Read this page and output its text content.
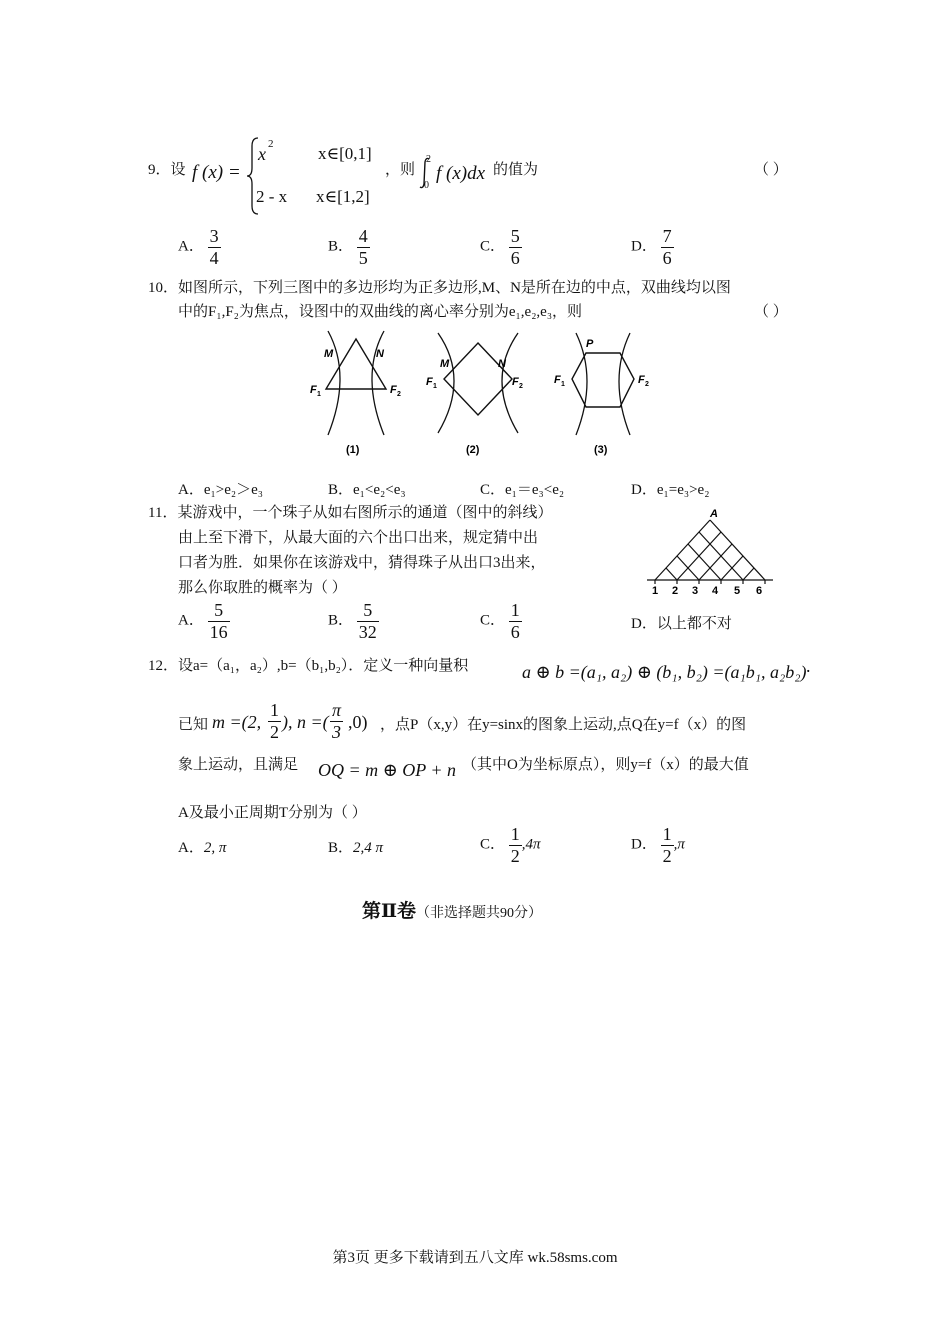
9．设 f (x) =
x 2	x∈[0,1]
2 - x x∈[1,2]
，则
2
0
f (x)dx 的值为	（ ）
A． $\frac{3}{4}$	B． $\frac{4}{5}$	C． $\frac{5}{6}$	D． $\frac{7}{6}$
10．如图所示，下列三图中的多边形均为正多边形,M、N是所在边的中点，双曲线均以图
中的F₁,F₂为焦点，设图中的双曲线的离心率分别为e₁,e₂,e₃，则	（ ）
M	N
F 1	F 2
(1)
M	N
F 1	F 2
(2)
P
F 1	F 2
(3)
A．e₁>e₂＞e₃	B．e₁<e₂<e₃	C．e₁＝e₃<e₂	D．e₁=e₃>e₂
11．某游戏中，一个珠子从如右图所示的通道（图中的斜线）
由上至下滑下，从最大面的六个出口出来，规定猜中出
口者为胜．如果你在该游戏中，猜得珠子从出口3出来，
那么你取胜的概率为（ ）
A
1 2 3 4 5 6
A． $\frac{5}{16}$	B． $\frac{5}{32}$	C． $\frac{1}{6}$	D．以上都不对
12．设a=（a₁，a₂）,b=（b₁,b₂）．定义一种向量积	a ⊕ b =(a₁, a₂) ⊕ (b₁, b₂) =(a₁b₁, a₂b₂) .
已知 m =(2, $\frac{1}{2}$ ), n =( $\frac{\pi}{3} ,0$) ，点P（x,y）在y=sinx的图象上运动,点Q在y=f（x）的图
象上运动，且满足 OQ = m ⊕ OP + n （其中O为坐标原点），则y=f（x）的最大值
A及最小正周期T分别为（ ）
A．2, π	B．2,4 π	C． $\frac{1}{2} ,4\pi$	D． $\frac{1}{2} ,\pi$
第Ⅱ卷（非选择题共90分）
第3页 更多下载请到五八文库 wk.58sms.com
